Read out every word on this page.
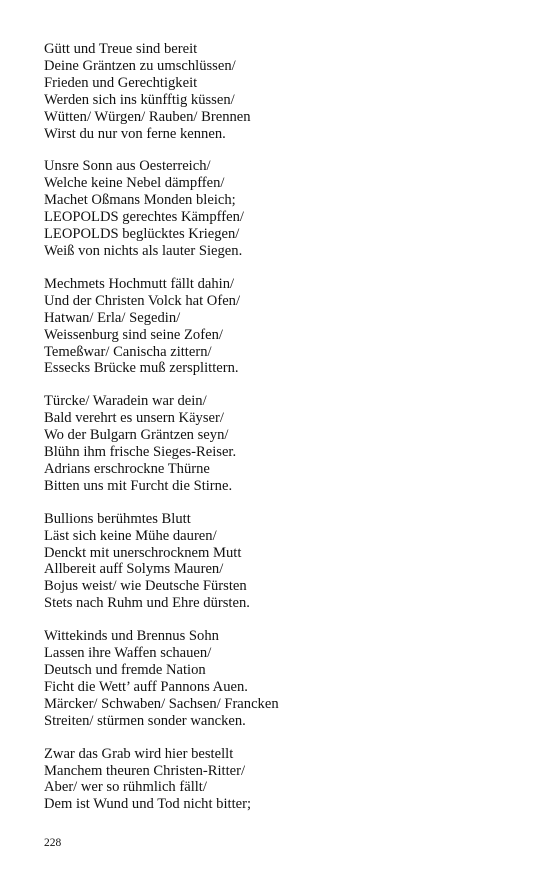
Gütt und Treue sind bereit
Deine Gräntzen zu umschlüssen/
Frieden und Gerechtigkeit
Werden sich ins künfftig küssen/
Wütten/ Würgen/ Rauben/ Brennen
Wirst du nur von ferne kennen.
Unsre Sonn aus Oesterreich/
Welche keine Nebel dämpffen/
Machet Oßmans Monden bleich;
LEOPOLDS gerechtes Kämpffen/
LEOPOLDS beglücktes Kriegen/
Weiß von nichts als lauter Siegen.
Mechmets Hochmutt fällt dahin/
Und der Christen Volck hat Ofen/
Hatwan/ Erla/ Segedin/
Weissenburg sind seine Zofen/
Temeßwar/ Canischa zittern/
Essecks Brücke muß zersplittern.
Türcke/ Waradein war dein/
Bald verehrt es unsern Käyser/
Wo der Bulgarn Gräntzen seyn/
Blühn ihm frische Sieges-Reiser.
Adrians erschrockne Thürne
Bitten uns mit Furcht die Stirne.
Bullions berühmtes Blutt
Läst sich keine Mühe dauren/
Denckt mit unerschrocknem Mutt
Allbereit auff Solyms Mauren/
Bojus weist/ wie Deutsche Fürsten
Stets nach Ruhm und Ehre dürsten.
Wittekinds und Brennus Sohn
Lassen ihre Waffen schauen/
Deutsch und fremde Nation
Ficht die Wett’ auff Pannons Auen.
Märcker/ Schwaben/ Sachsen/ Francken
Streiten/ stürmen sonder wancken.
Zwar das Grab wird hier bestellt
Manchem theuren Christen-Ritter/
Aber/ wer so rühmlich fällt/
Dem ist Wund und Tod nicht bitter;
228
